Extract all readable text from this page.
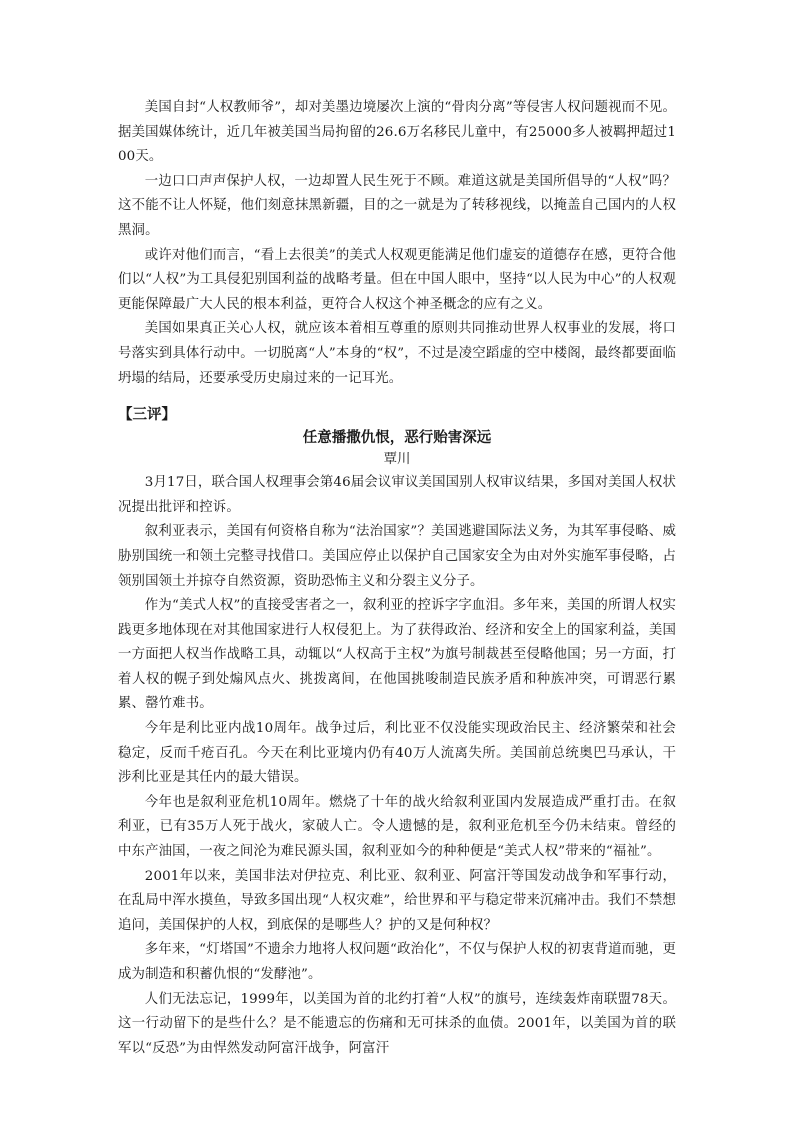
美国自封“人权教师爷”，却对美墨边境屡次上演的“骨肉分离”等侵害人权问题视而不见。据美国媒体统计，近几年被美国当局拘留的26.6万名移民儿童中，有25000多人被羁押超过100天。

一边口口声声保护人权，一边却置人民生死于不顾。难道这就是美国所倡导的“人权”吗？这不能不让人怀疑，他们刻意抹黑新疆，目的之一就是为了转移视线，以掩盖自己国内的人权黑洞。

或许对他们而言，“看上去很美”的美式人权观更能满足他们虚妄的道德存在感，更符合他们以“人权”为工具侵犯别国利益的战略考量。但在中国人眼中，坚持“以人民为中心”的人权观更能保障最广大人民的根本利益，更符合人权这个神圣概念的应有之义。

美国如果真正关心人权，就应该本着相互尊重的原则共同推动世界人权事业的发展，将口号落实到具体行动中。一切脱离“人”本身的“权”，不过是凌空蹈虚的空中楼阁，最终都要面临坍塌的结局，还要承受历史扇过来的一记耳光。

【三评】
任意播撒仇恨，恶行贻害深远
覃川

3月17日，联合国人权理事会第46届会议审议美国国别人权审议结果，多国对美国人权状况提出批评和控诉。

叙利亚表示，美国有何资格自称为“法治国家”？美国逃避国际法义务，为其军事侵略、威胁别国统一和领土完整寻找借口。美国应停止以保护自己国家安全为由对外实施军事侵略，占领别国领土并掠夺自然资源，资助恐怖主义和分裂主义分子。

作为“美式人权”的直接受害者之一，叙利亚的控诉字字血泪。多年来，美国的所谓人权实践更多地体现在对其他国家进行人权侵犯上。为了获得政治、经济和安全上的国家利益，美国一方面把人权当作战略工具，动辄以“人权高于主权”为旗号制裁甚至侵略他国；另一方面，打着人权的幌子到处煽风点火、挑拨离间，在他国挑唆制造民族矛盾和种族冲突，可谓恶行累累、罄竹难书。

今年是利比亚内战10周年。战争过后，利比亚不仅没能实现政治民主、经济繁荣和社会稳定，反而千疮百孔。今天在利比亚境内仍有40万人流离失所。美国前总统奥巴马承认，干涉利比亚是其任内的最大错误。

今年也是叙利亚危机10周年。燃烧了十年的战火给叙利亚国内发展造成严重打击。在叙利亚，已有35万人死于战火，家破人亡。令人遗憾的是，叙利亚危机至今仍未结束。曾经的中东产油国，一夜之间沦为难民源头国，叙利亚如今的种种便是“美式人权”带来的“福祉”。

2001年以来，美国非法对伊拉克、利比亚、叙利亚、阿富汗等国发动战争和军事行动，在乱局中浑水摸鱼，导致多国出现“人权灾难”，给世界和平与稳定带来沉痛冲击。我们不禁想追问，美国保护的人权，到底保的是哪些人？护的又是何种权？

多年来，“灯塔国”不遗余力地将人权问题“政治化”，不仅与保护人权的初衷背道而驰，更成为制造和积蓄仇恨的“发酵池”。

人们无法忘记，1999年，以美国为首的北约打着“人权”的旗号，连续轰炸南联盟78天。这一行动留下的是些什么？是不能遗忘的伤痛和无可抹杀的血债。2001年，以美国为首的联军以“反恐”为由悍然发动阿富汗战争，阿富汗
